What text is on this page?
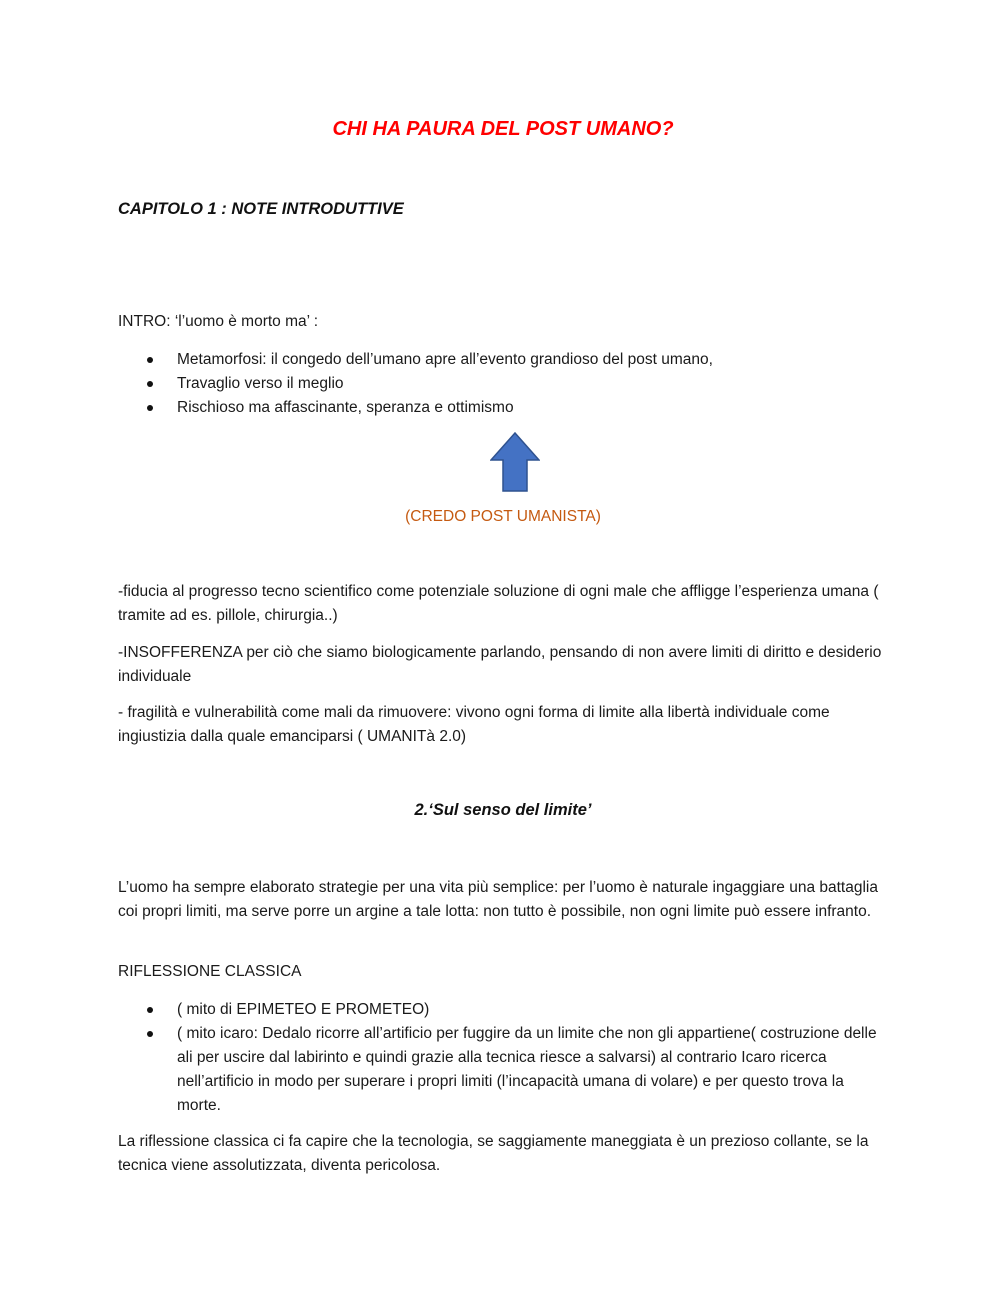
CHI HA PAURA DEL POST UMANO?
CAPITOLO 1 : NOTE INTRODUTTIVE

INTRO: ‘l’uomo è morto ma’ :

Metamorfosi: il congedo dell’umano apre all’evento grandioso del post umano,
Travaglio verso il meglio
Rischioso ma affascinante, speranza e ottimismo

(CREDO POST UMANISTA)

-fiducia al progresso tecno scientifico come potenziale soluzione di ogni male che affligge l’esperienza umana ( tramite ad es. pillole, chirurgia..)

-INSOFFERENZA per ciò che siamo biologicamente parlando, pensando di non avere limiti di diritto e desiderio individuale

- fragilità e vulnerabilità come mali da rimuovere: vivono ogni forma di limite alla libertà individuale come ingiustizia dalla quale emanciparsi ( UMANITà 2.0)

2.‘Sul senso del limite’

L’uomo ha sempre elaborato strategie per una vita più semplice: per l’uomo è naturale ingaggiare una battaglia coi propri limiti, ma serve porre un argine a tale lotta: non tutto è possibile, non ogni limite può essere infranto.

RIFLESSIONE CLASSICA

( mito di EPIMETEO E PROMETEO)
( mito icaro: Dedalo ricorre all’artificio per fuggire da un limite che non gli appartiene( costruzione delle ali per uscire dal labirinto e quindi grazie alla tecnica riesce a salvarsi) al contrario Icaro ricerca nell’artificio in modo per superare i propri limiti (l’incapacità umana di volare) e per questo trova la morte.

La riflessione classica ci fa capire che la tecnologia, se saggiamente maneggiata è un prezioso collante, se la tecnica viene assolutizzata, diventa pericolosa.
